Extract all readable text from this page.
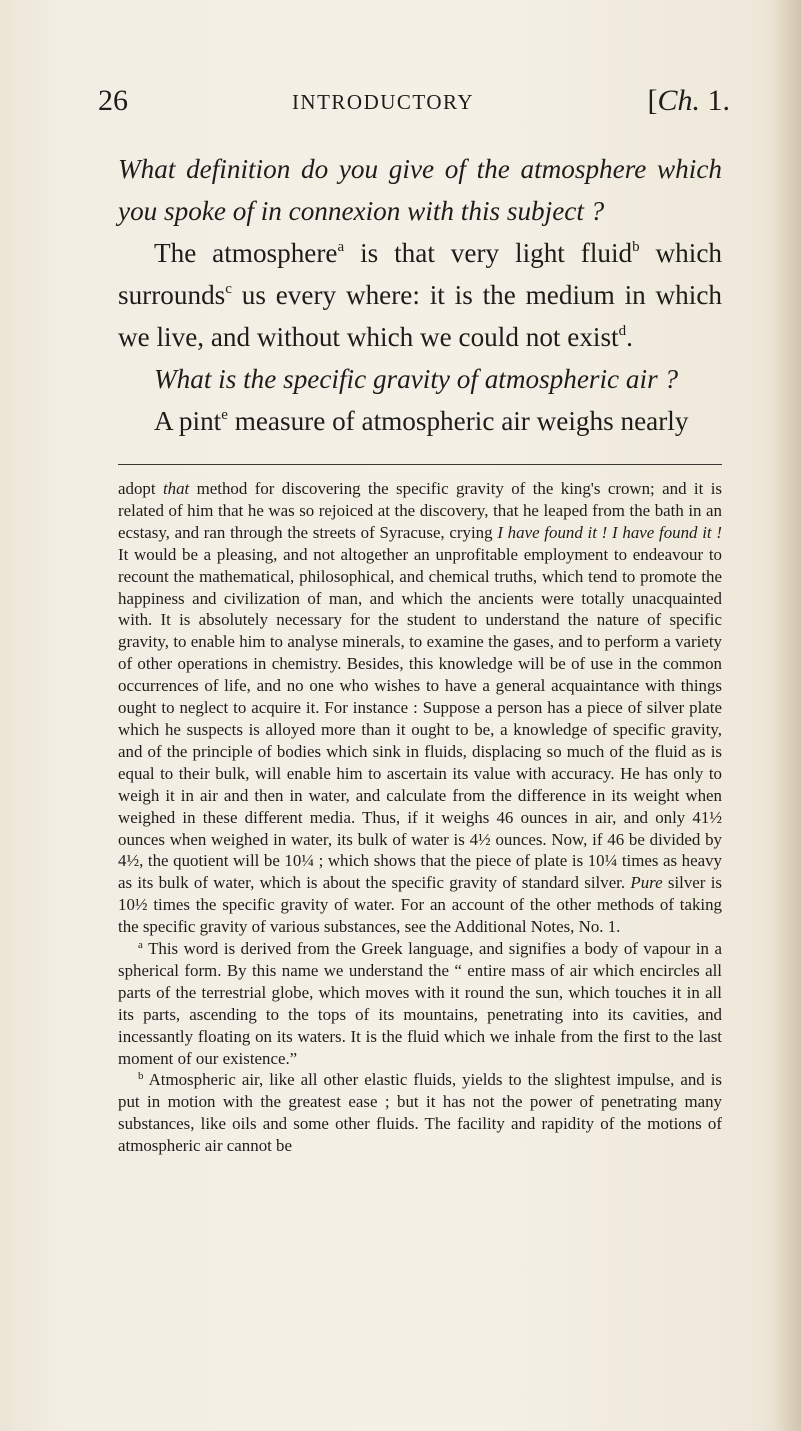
26	INTRODUCTORY	[Ch. 1.

What definition do you give of the atmosphere which you spoke of in connexion with this subject ?

The atmosphere$^a$ is that very light fluid$^b$ which surrounds$^c$ us every where: it is the medium in which we live, and without which we could not exist$^d$.

What is the specific gravity of atmospheric air ?

A pint$^e$ measure of atmospheric air weighs nearly

adopt that method for discovering the specific gravity of the king's crown; and it is related of him that he was so rejoiced at the discovery, that he leaped from the bath in an ecstasy, and ran through the streets of Syracuse, crying I have found it ! I have found it ! It would be a pleasing, and not altogether an unprofitable employment to endeavour to recount the mathematical, philosophical, and chemical truths, which tend to promote the happiness and civilization of man, and which the ancients were totally unacquainted with. It is absolutely necessary for the student to understand the nature of specific gravity, to enable him to analyse minerals, to examine the gases, and to perform a variety of other operations in chemistry. Besides, this knowledge will be of use in the common occurrences of life, and no one who wishes to have a general acquaintance with things ought to neglect to acquire it. For instance : Suppose a person has a piece of silver plate which he suspects is alloyed more than it ought to be, a knowledge of specific gravity, and of the principle of bodies which sink in fluids, displacing so much of the fluid as is equal to their bulk, will enable him to ascertain its value with accuracy. He has only to weigh it in air and then in water, and calculate from the difference in its weight when weighed in these different media. Thus, if it weighs 46 ounces in air, and only 41½ ounces when weighed in water, its bulk of water is 4½ ounces. Now, if 46 be divided by 4½, the quotient will be 10¼ ; which shows that the piece of plate is 10¼ times as heavy as its bulk of water, which is about the specific gravity of standard silver. Pure silver is 10½ times the specific gravity of water. For an account of the other methods of taking the specific gravity of various substances, see the Additional Notes, No. 1.

$^a$ This word is derived from the Greek language, and signifies a body of vapour in a spherical form. By this name we understand the “ entire mass of air which encircles all parts of the terrestrial globe, which moves with it round the sun, which touches it in all its parts, ascending to the tops of its mountains, penetrating into its cavities, and incessantly floating on its waters. It is the fluid which we inhale from the first to the last moment of our existence.”

$^b$ Atmospheric air, like all other elastic fluids, yields to the slightest impulse, and is put in motion with the greatest ease ; but it has not the power of penetrating many substances, like oils and some other fluids. The facility and rapidity of the motions of atmospheric air cannot be
